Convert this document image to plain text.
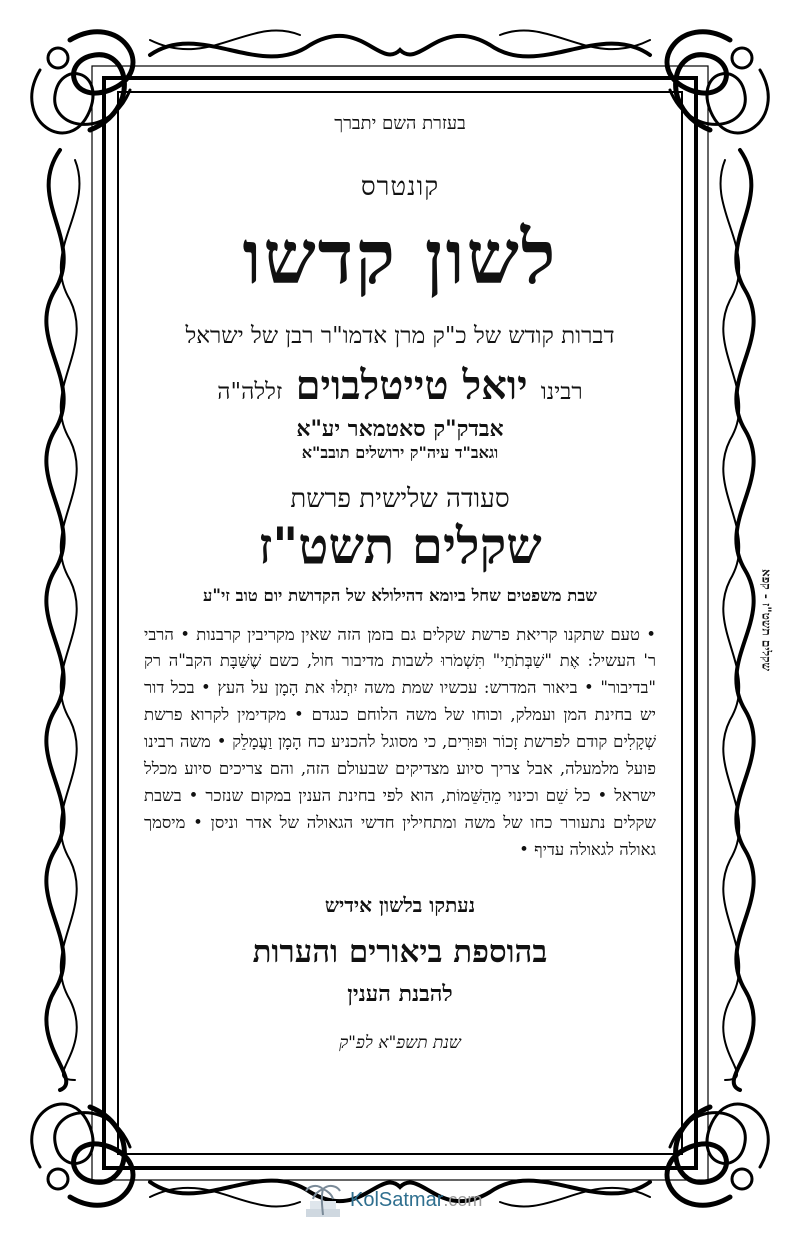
בעזרת השם יתברך

קונטרס

לשון קדשו

דברות קודש של כ"ק מרן אדמו"ר רבן של ישראל

רבינו יואל טייטלבוים זללה"ה

אבדק"ק סאטמאר יע"א

וגאב"ד עיה"ק ירושלים תובב"א

סעודה שלישית פרשת

שקלים תשט"ז

שבת משפטים שחל ביומא דהילולא של הקדושת יום טוב זי"ע

• טעם שתקנו קריאת פרשת שקלים גם בזמן הזה שאין מקריבין קרבנות • הרבי ר' העשיל: אֶת "שַׁבְּתֹתַי" תִּשְׁמֹרוּ לשבות מדיבור חול, כשם שֶׁשַּׁבָּת הקב"ה רק "בדיבור" • ביאור המדרש: עכשיו שמת משה יִתְלוּ את הָמָן על העץ • בכל דור יש בחינת המן ועמלק, וכוחו של משה הלוחם כנגדם • מקדימין לקרוא פרשת שְׁקָלִים קודם לפרשת זָכוֹר וּפוּרִים, כי מסוגל להכניע כח הָמָן וַעֲמָלֵק • משה רבינו פועל מלמעלה, אבל צריך סיוע מצדיקים שבעולם הזה, והם צריכים סיוע מכלל ישראל • כל שֵׁם וכינוי מֵהַשֵּׁמוֹת, הוא לפי בחינת הענין במקום שנזכר • בשבת שקלים נתעורר כחו של משה ומתחילין חדשי הגאולה של אדר וניסן • מיסמך גאולה לגאולה עדיף •

נעתקו בלשון אידיש

בהוספת ביאורים והערות

להבנת הענין

שנת תשפ"א לפ"ק

שקלים תשט"ז - קפא
KolSatmar .com
